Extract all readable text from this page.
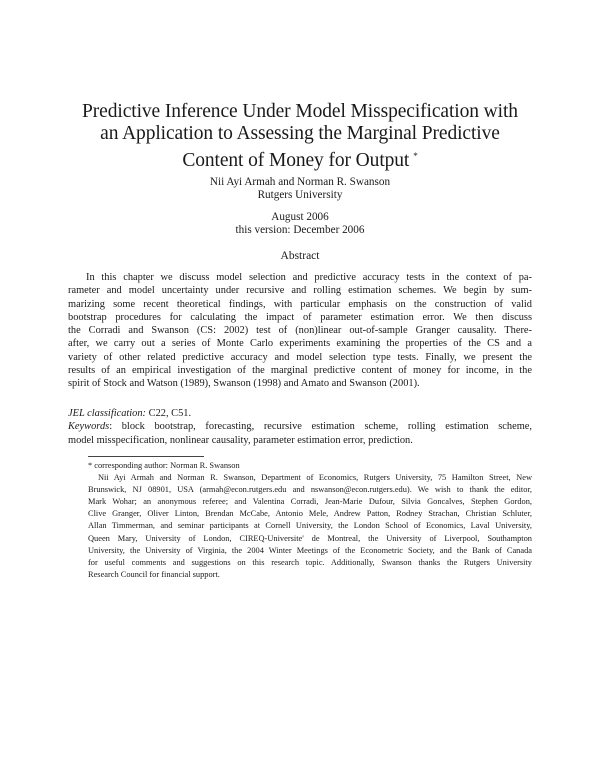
Predictive Inference Under Model Misspecification with
an Application to Assessing the Marginal Predictive
Content of Money for Output *
Nii Ayi Armah and Norman R. Swanson
Rutgers University
August 2006
this version: December 2006
Abstract
In this chapter we discuss model selection and predictive accuracy tests in the context of pa-
rameter and model uncertainty under recursive and rolling estimation schemes. We begin by sum-
marizing some recent theoretical findings, with particular emphasis on the construction of valid
bootstrap procedures for calculating the impact of parameter estimation error. We then discuss
the Corradi and Swanson (CS: 2002) test of (non)linear out-of-sample Granger causality. There-
after, we carry out a series of Monte Carlo experiments examining the properties of the CS and a
variety of other related predictive accuracy and model selection type tests. Finally, we present the
results of an empirical investigation of the marginal predictive content of money for income, in the
spirit of Stock and Watson (1989), Swanson (1998) and Amato and Swanson (2001).
JEL classification: C22, C51.
Keywords: block bootstrap, forecasting, recursive estimation scheme, rolling estimation scheme,
model misspecification, nonlinear causality, parameter estimation error, prediction.
* corresponding author: Norman R. Swanson
Nii Ayi Armah and Norman R. Swanson, Department of Economics, Rutgers University, 75 Hamilton Street, New
Brunswick, NJ 08901, USA (armah@econ.rutgers.edu and nswanson@econ.rutgers.edu). We wish to thank the editor,
Mark Wohar; an anonymous referee; and Valentina Corradi, Jean-Marie Dufour, Silvia Goncalves, Stephen Gordon,
Clive Granger, Oliver Linton, Brendan McCabe, Antonio Mele, Andrew Patton, Rodney Strachan, Christian Schluter,
Allan Timmerman, and seminar participants at Cornell University, the London School of Economics, Laval University,
Queen Mary, University of London, CIREQ-Universite' de Montreal, the University of Liverpool, Southampton
University, the University of Virginia, the 2004 Winter Meetings of the Econometric Society, and the Bank of Canada
for useful comments and suggestions on this research topic. Additionally, Swanson thanks the Rutgers University
Research Council for financial support.
